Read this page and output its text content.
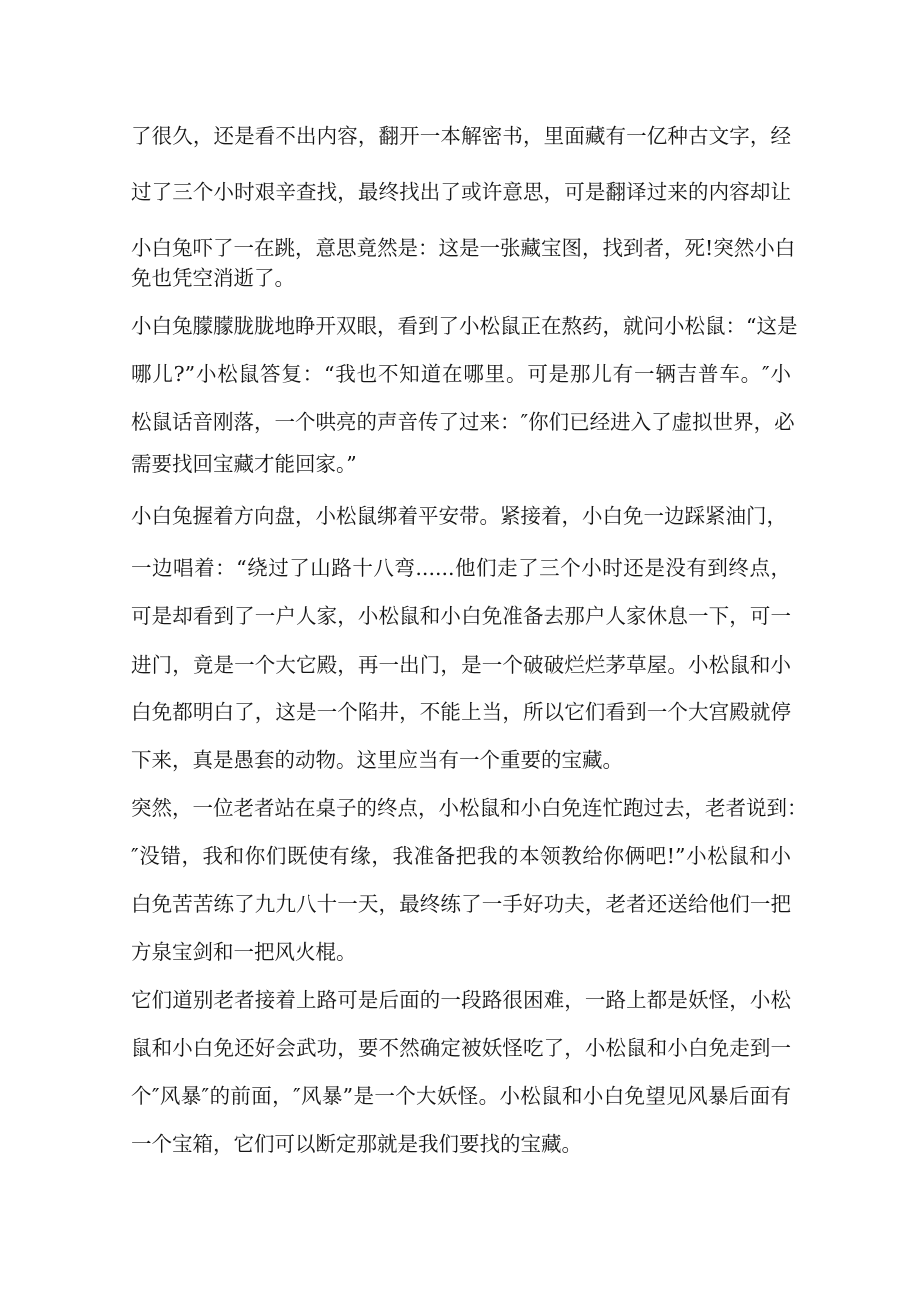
了很久，还是看不出内容，翻开一本解密书，里面藏有一亿种古文字，经
过了三个小时艰辛查找，最终找出了或许意思，可是翻译过来的内容却让
小白兔吓了一在跳，意思竟然是：这是一张藏宝图，找到者，死!突然小白
免也凭空消逝了。
小白兔朦朦胧胧地睁开双眼，看到了小松鼠正在熬药，就问小松鼠：“这是
哪儿?”小松鼠答复：“我也不知道在哪里。可是那儿有一辆吉普车。″小
松鼠话音刚落，一个哄亮的声音传了过来：″你们已经进入了虚拟世界，必
需要找回宝藏才能回家。”
小白兔握着方向盘，小松鼠绑着平安带。紧接着，小白免一边踩紧油门，
一边唱着：“绕过了山路十八弯......他们走了三个小时还是没有到终点，
可是却看到了一户人家，小松鼠和小白免准备去那户人家休息一下，可一
进门，竟是一个大它殿，再一出门，是一个破破烂烂茅草屋。小松鼠和小
白免都明白了，这是一个陷井，不能上当，所以它们看到一个大宫殿就停
下来，真是愚套的动物。这里应当有一个重要的宝藏。
突然，一位老者站在桌子的终点，小松鼠和小白免连忙跑过去，老者说到：
″没错，我和你们既使有缘，我准备把我的本领教给你俩吧!”小松鼠和小
白免苦苦练了九九八十一天，最终练了一手好功夫，老者还送给他们一把
方泉宝剑和一把风火棍。
它们道别老者接着上路可是后面的一段路很困难，一路上都是妖怪，小松
鼠和小白免还好会武功，要不然确定被妖怪吃了，小松鼠和小白免走到一
个″风暴″的前面，″风暴”是一个大妖怪。小松鼠和小白免望见风暴后面有
一个宝箱，它们可以断定那就是我们要找的宝藏。
